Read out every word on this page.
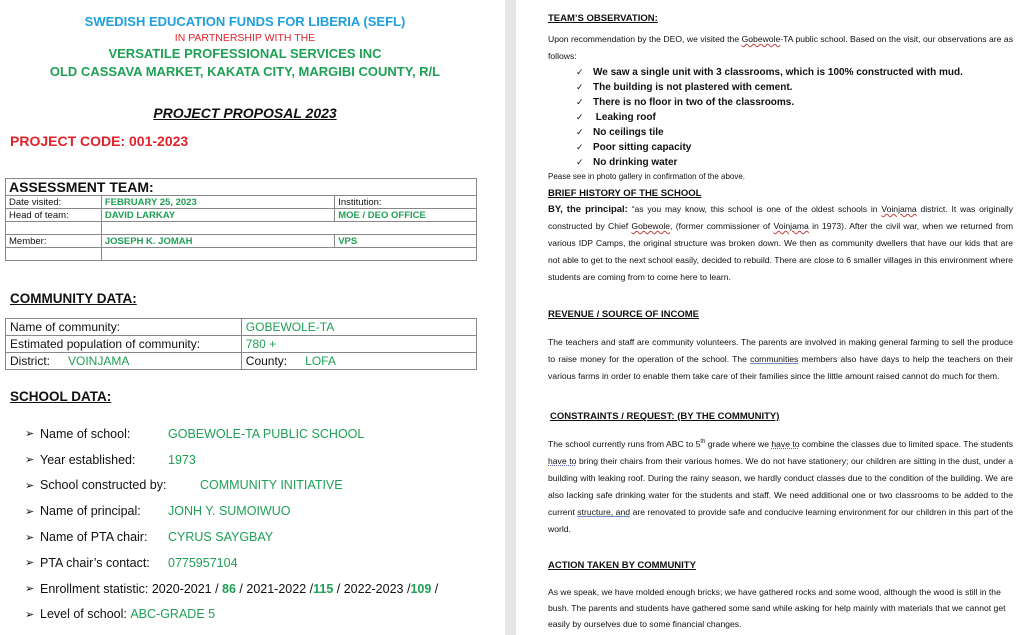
SWEDISH EDUCATION FUNDS FOR LIBERIA (SEFL)
IN PARTNERSHIP WITH THE
VERSATILE PROFESSIONAL SERVICES INC
OLD CASSAVA MARKET, KAKATA CITY, MARGIBI COUNTY, R/L
PROJECT PROPOSAL 2023
PROJECT CODE: 001-2023
ASSESSMENT TEAM:		
Date visited:	FEBRUARY 25, 2023	Institution:
Head of team:	DAVID LARKAY	MOE / DEO OFFICE

Member:	JOSEPH K. JOMAH	VPS

COMMUNITY DATA:
Name of community:	GOBEWOLE-TA
Estimated population of community:	780 +
District: VOINJAMA	County: LOFA
SCHOOL DATA:
➢ Name of school:	GOBEWOLE-TA PUBLIC SCHOOL
➢ Year established:	1973
➢ School constructed by:	COMMUNITY INITIATIVE
➢ Name of principal:	JONH Y. SUMOIWUO
➢ Name of PTA chair:	CYRUS SAYGBAY
➢ PTA chair’s contact:	0775957104
➢ Enrollment statistic: 2020-2021 / 86 / 2021-2022 / 115 / 2022-2023 / 109 /
➢ Level of school: ABC-GRADE 5
TEAM’S OBSERVATION:
Upon recommendation by the DEO, we visited the Gobewole-TA public school. Based on the visit, our observations are as follows:
✓ We saw a single unit with 3 classrooms, which is 100% constructed with mud.
✓ The building is not plastered with cement.
✓ There is no floor in two of the classrooms.
✓ Leaking roof
✓ No ceilings tile
✓ Poor sitting capacity
✓ No drinking water
Pease see in photo gallery in confirmation of the above.
BRIEF HISTORY OF THE SCHOOL
BY, the principal: “as you may know, this school is one of the oldest schools in Voinjama district. It was originally constructed by Chief Gobewole, (former commissioner of Voinjama in 1973). After the civil war, when we returned from various IDP Camps, the original structure was broken down. We then as community dwellers that have our kids that are not able to get to the next school easily, decided to rebuild. There are close to 6 smaller villages in this environment where students are coming from to come here to learn.
REVENUE / SOURCE OF INCOME
The teachers and staff are community volunteers. The parents are involved in making general farming to sell the produce to raise money for the operation of the school. The communities members also have days to help the teachers on their various farms in order to enable them take care of their families since the little amount raised cannot do much for them.
CONSTRAINTS / REQUEST: (BY THE COMMUNITY)
The school currently runs from ABC to 5th grade where we have to combine the classes due to limited space. The students have to bring their chairs from their various homes. We do not have stationery; our children are sitting in the dust, under a building with leaking roof. During the rainy season, we hardly conduct classes due to the condition of the building. We are also lacking safe drinking water for the students and staff. We need additional one or two classrooms to be added to the current structure, and are renovated to provide safe and conducive learning environment for our children in this part of the world.
ACTION TAKEN BY COMMUNITY
As we speak, we have molded enough bricks; we have gathered rocks and some wood, although the wood is still in the bush. The parents and students have gathered some sand while asking for help mainly with materials that we cannot get easily by ourselves due to some financial changes.
